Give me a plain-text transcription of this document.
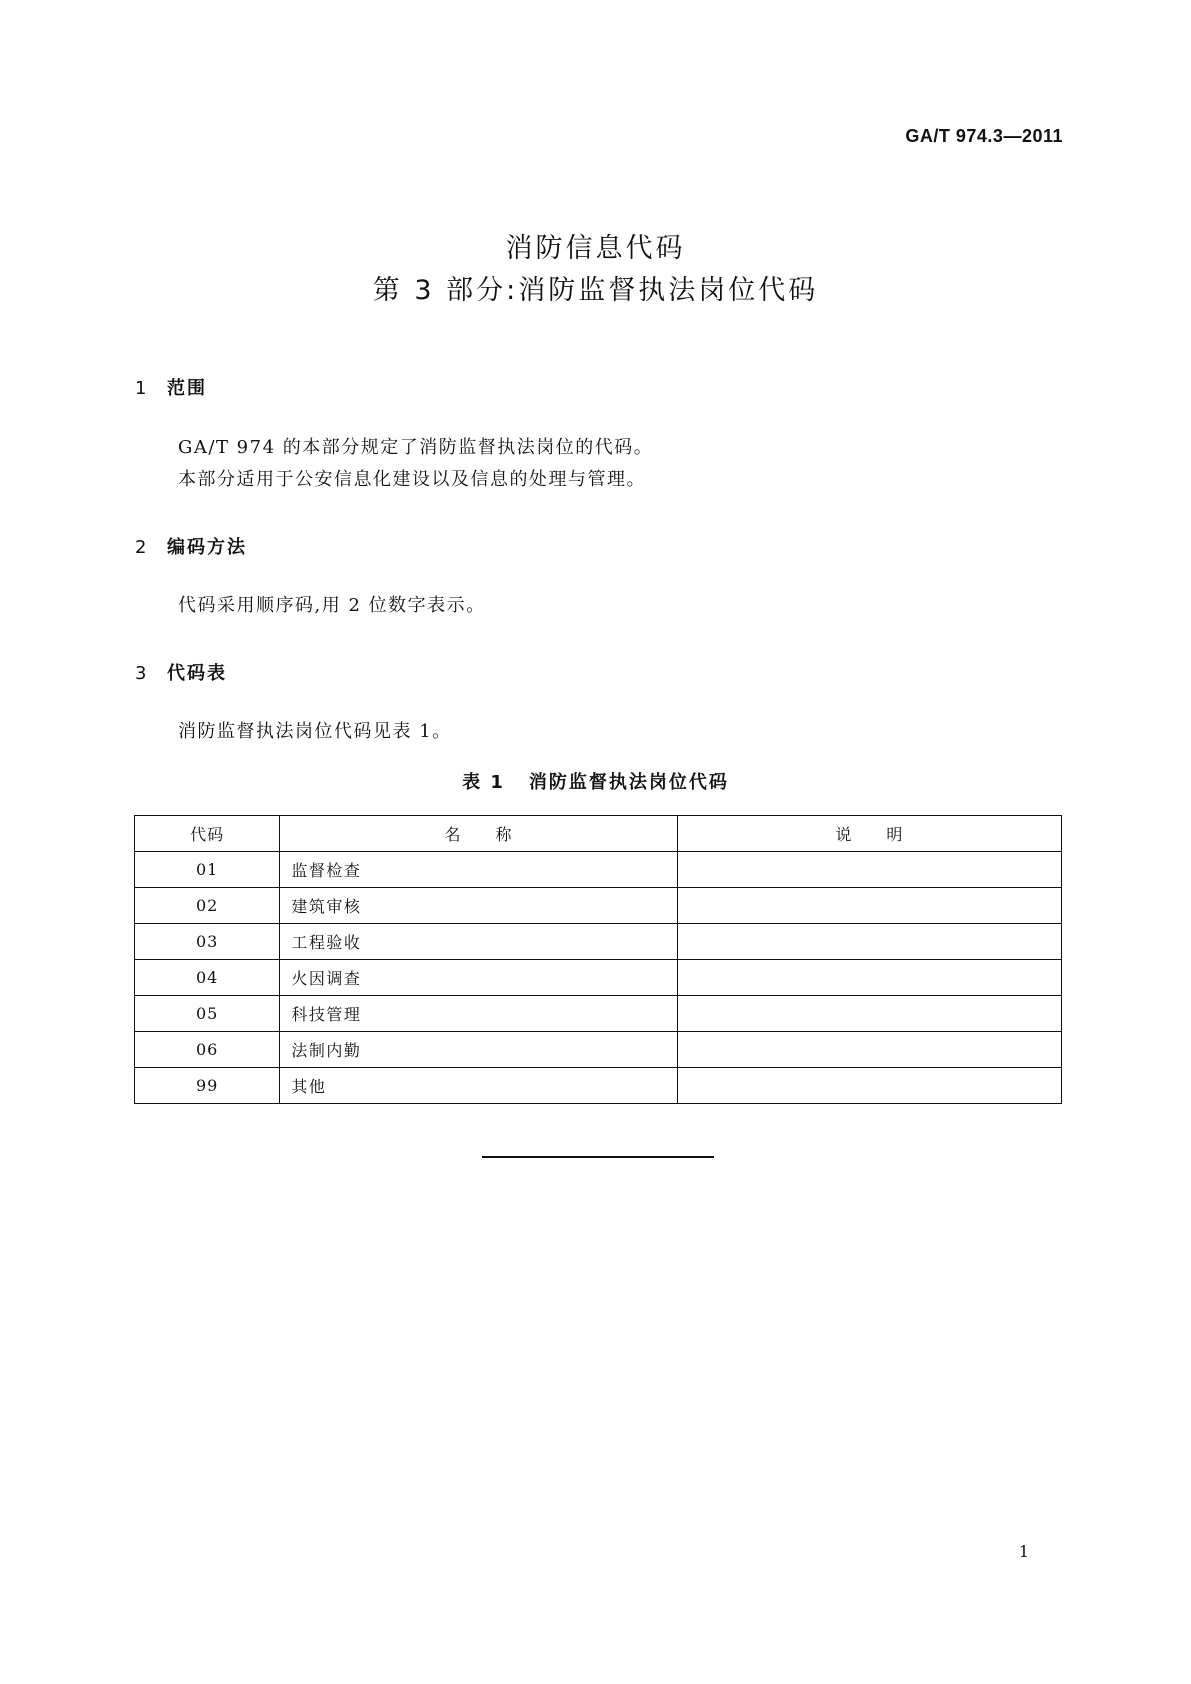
GA/T 974.3—2011
消防信息代码
第 3 部分:消防监督执法岗位代码
1 范围
GA/T 974 的本部分规定了消防监督执法岗位的代码。
本部分适用于公安信息化建设以及信息的处理与管理。
2 编码方法
代码采用顺序码,用 2 位数字表示。
3 代码表
消防监督执法岗位代码见表 1。
表 1 消防监督执法岗位代码
代码	名　　称	说　　明
01	监督检查	
02	建筑审核	
03	工程验收	
04	火因调查	
05	科技管理	
06	法制内勤	
99	其他	
1
